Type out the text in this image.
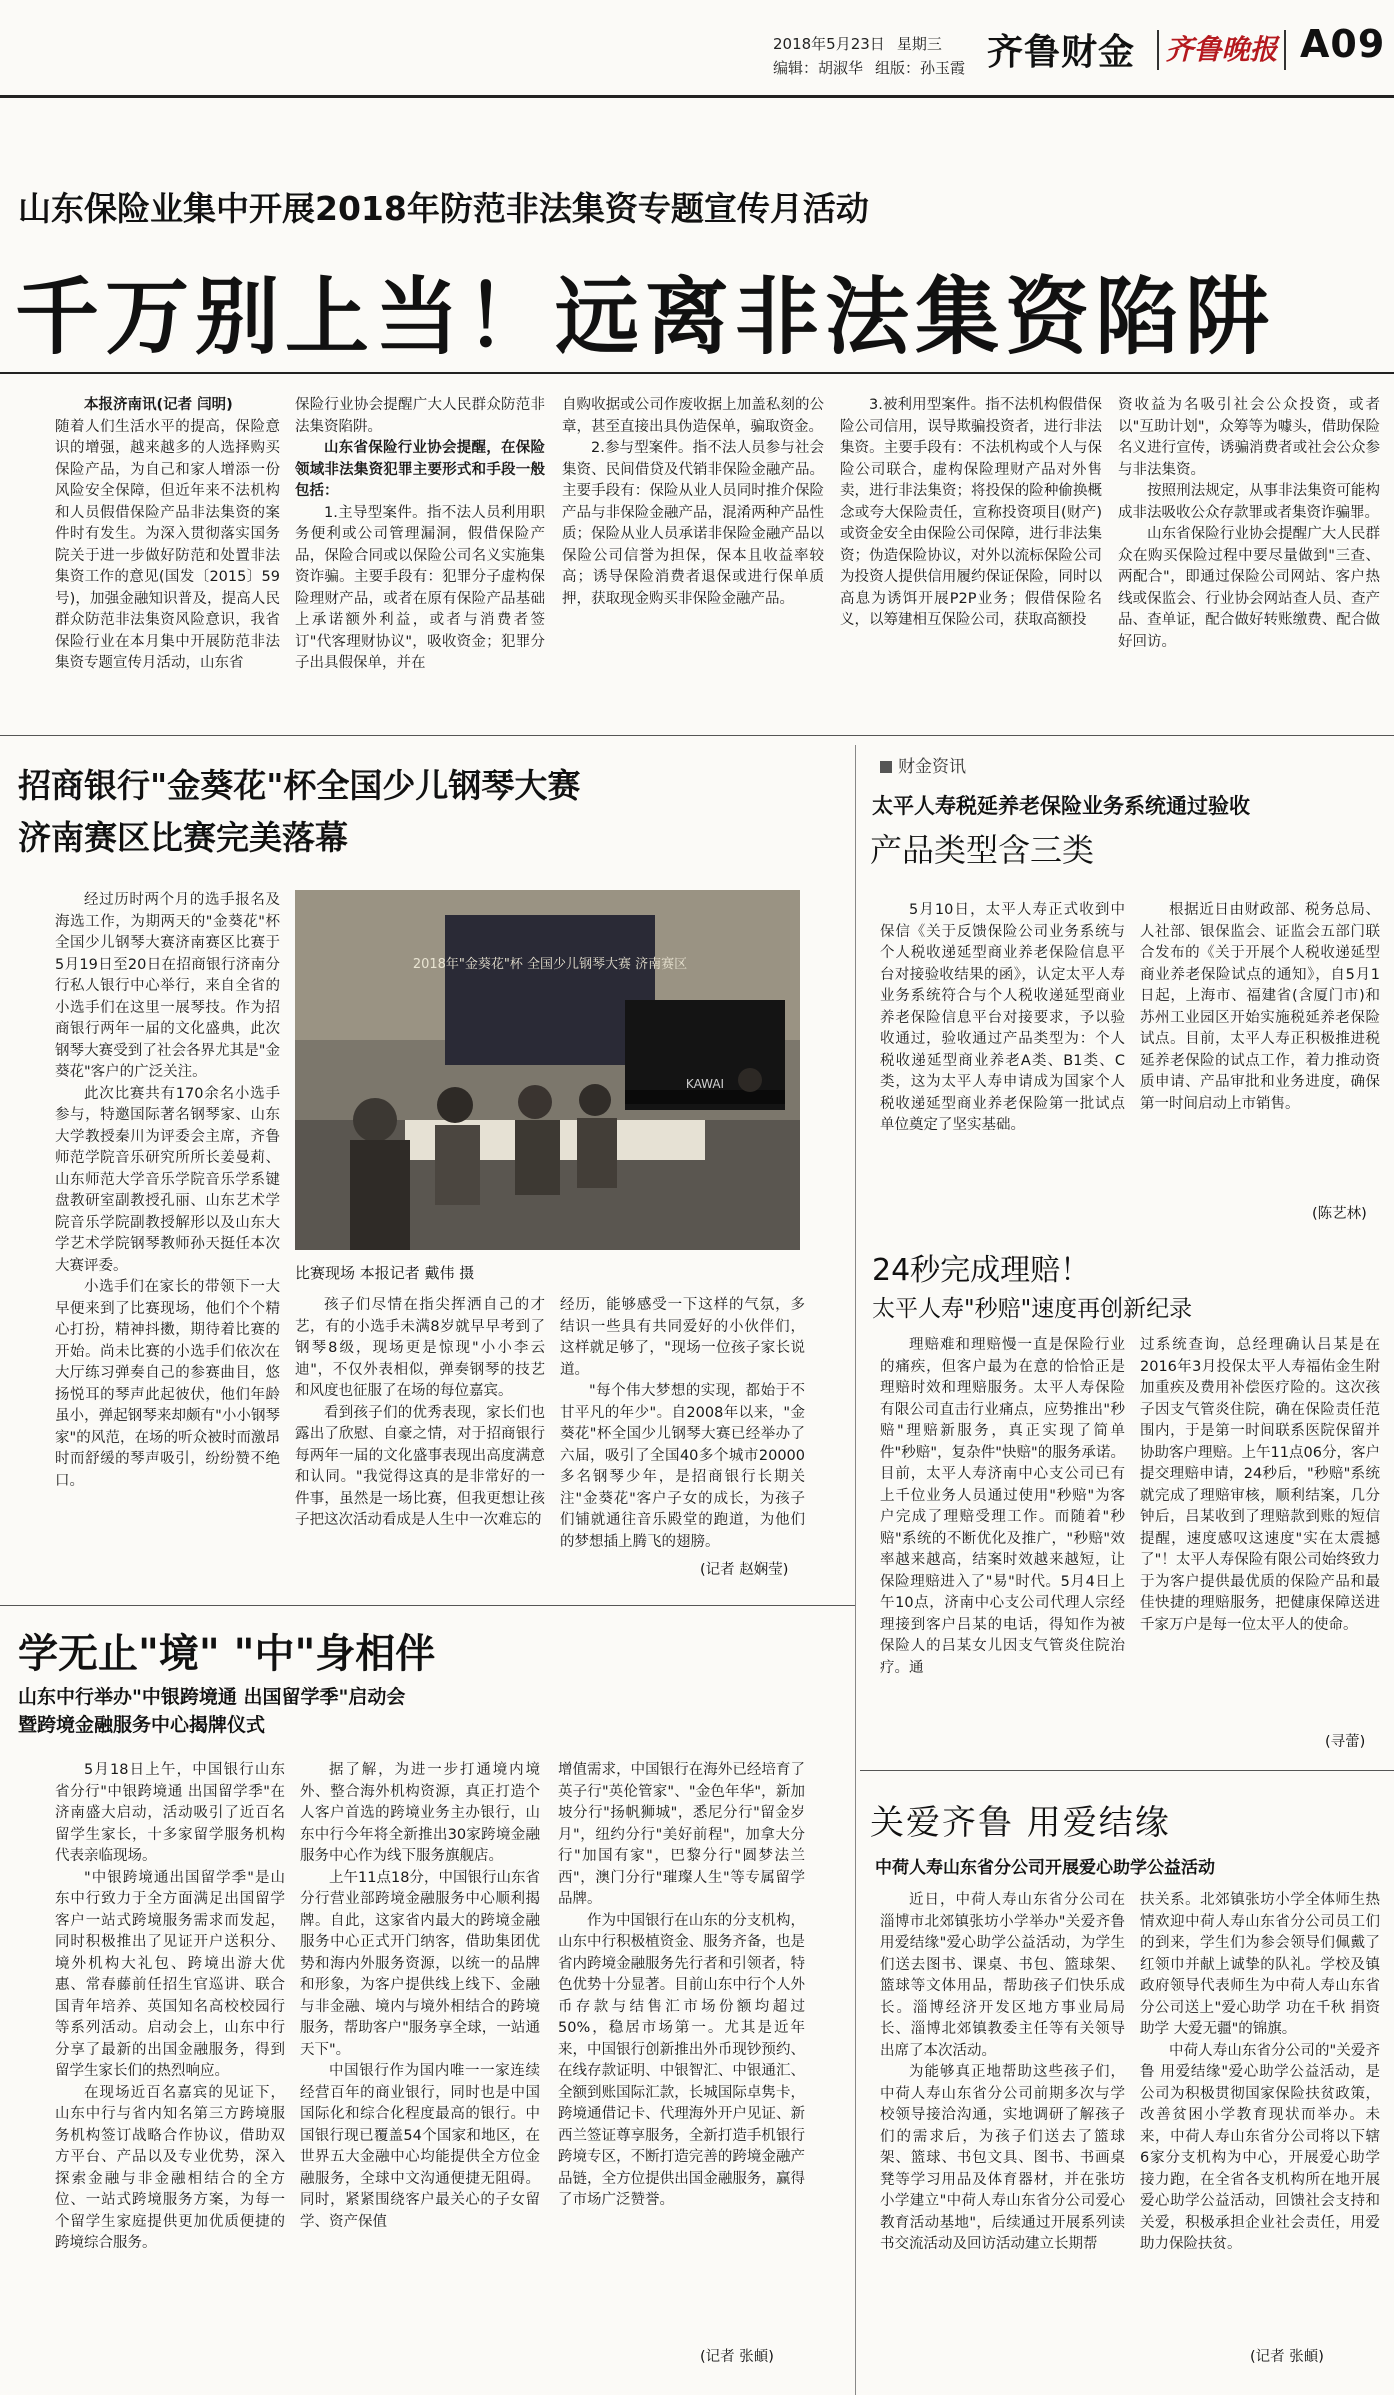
2018年5月23日 星期三
编辑：胡淑华 组版：孙玉霞 齐鲁财金	齐鲁晚报 A09
山东保险业集中开展2018年防范非法集资专题宣传月活动
千万别上当！远离非法集资陷阱

本报济南讯(记者 闫明)

随着人们生活水平的提高，保险意识的增强，越来越多的人选择购买保险产品，为自己和家人增添一份风险安全保障，但近年来不法机构和人员假借保险产品非法集资的案件时有发生。为深入贯彻落实国务院关于进一步做好防范和处置非法集资工作的意见(国发〔2015〕59号)，加强金融知识普及，提高人民群众防范非法集资风险意识，我省保险行业在本月集中开展防范非法集资专题宣传月活动，山东省

保险行业协会提醒广大人民群众防范非法集资陷阱。

山东省保险行业协会提醒，在保险领域非法集资犯罪主要形式和手段一般包括：

1.主导型案件。指不法人员利用职务便利或公司管理漏洞，假借保险产品，保险合同或以保险公司名义实施集资诈骗。主要手段有：犯罪分子虚构保险理财产品，或者在原有保险产品基础上承诺额外利益，或者与消费者签订"代客理财协议"，吸收资金；犯罪分子出具假保单，并在

自购收据或公司作废收据上加盖私刻的公章，甚至直接出具伪造保单，骗取资金。

2.参与型案件。指不法人员参与社会集资、民间借贷及代销非保险金融产品。主要手段有：保险从业人员同时推介保险产品与非保险金融产品，混淆两种产品性质；保险从业人员承诺非保险金融产品以保险公司信誉为担保，保本且收益率较高；诱导保险消费者退保或进行保单质押，获取现金购买非保险金融产品。

3.被利用型案件。指不法机构假借保险公司信用，误导欺骗投资者，进行非法集资。主要手段有：不法机构或个人与保险公司联合，虚构保险理财产品对外售卖，进行非法集资；将投保的险种偷换概念或夸大保险责任，宣称投资项目(财产)或资金安全由保险公司保障，进行非法集资；伪造保险协议，对外以流标保险公司为投资人提供信用履约保证保险，同时以高息为诱饵开展P2P业务；假借保险名义，以筹建相互保险公司，获取高额投

资收益为名吸引社会公众投资，或者以"互助计划"，众筹等为噱头，借助保险名义进行宣传，诱骗消费者或社会公众参与非法集资。

按照刑法规定，从事非法集资可能构成非法吸收公众存款罪或者集资诈骗罪。

山东省保险行业协会提醒广大人民群众在购买保险过程中要尽量做到"三查、两配合"，即通过保险公司网站、客户热线或保监会、行业协会网站查人员、查产品、查单证，配合做好转账缴费、配合做好回访。

招商银行"金葵花"杯全国少儿钢琴大赛
济南赛区比赛完美落幕

经过历时两个月的选手报名及海选工作，为期两天的"金葵花"杯全国少儿钢琴大赛济南赛区比赛于5月19日至20日在招商银行济南分行私人银行中心举行，来自全省的小选手们在这里一展琴技。作为招商银行两年一届的文化盛典，此次钢琴大赛受到了社会各界尤其是"金葵花"客户的广泛关注。

此次比赛共有170余名小选手参与，特邀国际著名钢琴家、山东大学教授秦川为评委会主席，齐鲁师范学院音乐研究所所长姜曼莉、山东师范大学音乐学院音乐学系键盘教研室副教授孔丽、山东艺术学院音乐学院副教授解形以及山东大学艺术学院钢琴教师孙天挺任本次大赛评委。

小选手们在家长的带领下一大早便来到了比赛现场，他们个个精心打扮，精神抖擞，期待着比赛的开始。尚未比赛的小选手们依次在大厅练习弹奏自己的参赛曲目，悠扬悦耳的琴声此起彼伏，他们年龄虽小，弹起钢琴来却颇有"小小钢琴家"的风范，在场的听众被时而激昂时而舒缓的琴声吸引，纷纷赞不绝口。

2018年"金葵花"杯 全国少儿钢琴大赛 济南赛区
KAWAI
比赛现场 本报记者 戴伟 摄

孩子们尽情在指尖挥洒自己的才艺，有的小选手未满8岁就早早考到了钢琴8级，现场更是惊现"小小李云迪"，不仅外表相似，弹奏钢琴的技艺和风度也征服了在场的每位嘉宾。

看到孩子们的优秀表现，家长们也露出了欣慰、自豪之情，对于招商银行每两年一届的文化盛事表现出高度满意和认同。"我觉得这真的是非常好的一件事，虽然是一场比赛，但我更想让孩子把这次活动看成是人生中一次难忘的

经历，能够感受一下这样的气氛，多结识一些具有共同爱好的小伙伴们，这样就足够了，"现场一位孩子家长说道。

"每个伟大梦想的实现，都始于不甘平凡的年少"。自2008年以来，"金葵花"杯全国少儿钢琴大赛已经举办了六届，吸引了全国40多个城市20000多名钢琴少年，是招商银行长期关注"金葵花"客户子女的成长，为孩子们铺就通往音乐殿堂的跑道，为他们的梦想插上腾飞的翅膀。

(记者 赵娴莹)
财金资讯
太平人寿税延养老保险业务系统通过验收
产品类型含三类

5月10日，太平人寿正式收到中保信《关于反馈保险公司业务系统与个人税收递延型商业养老保险信息平台对接验收结果的函》，认定太平人寿业务系统符合与个人税收递延型商业养老保险信息平台对接要求，予以验收通过，验收通过产品类型为：个人税收递延型商业养老A类、B1类、C类，这为太平人寿申请成为国家个人税收递延型商业养老保险第一批试点单位奠定了坚实基础。

根据近日由财政部、税务总局、人社部、银保监会、证监会五部门联合发布的《关于开展个人税收递延型商业养老保险试点的通知》，自5月1日起，上海市、福建省(含厦门市)和苏州工业园区开始实施税延养老保险试点。目前，太平人寿正积极推进税延养老保险的试点工作，着力推动资质申请、产品审批和业务进度，确保第一时间启动上市销售。

(陈艺林)
24秒完成理赔！
太平人寿"秒赔"速度再创新纪录

理赔难和理赔慢一直是保险行业的痛疾，但客户最为在意的恰恰正是理赔时效和理赔服务。太平人寿保险有限公司直击行业痛点，应势推出"秒赔"理赔新服务，真正实现了简单件"秒赔"，复杂件"快赔"的服务承诺。目前，太平人寿济南中心支公司已有上千位业务人员通过使用"秒赔"为客户完成了理赔受理工作。而随着"秒赔"系统的不断优化及推广，"秒赔"效率越来越高，结案时效越来越短，让保险理赔进入了"易"时代。5月4日上午10点，济南中心支公司代理人宗经理接到客户吕某的电话，得知作为被保险人的吕某女儿因支气管炎住院治疗。通

过系统查询，总经理确认吕某是在2016年3月投保太平人寿福佑金生附加重疾及费用补偿医疗险的。这次孩子因支气管炎住院，确在保险责任范围内，于是第一时间联系医院保留并协助客户理赔。上午11点06分，客户提交理赔申请，24秒后，"秒赔"系统就完成了理赔审核，顺利结案，几分钟后，吕某收到了理赔款到账的短信提醒，速度感叹这速度"实在太震撼了"！太平人寿保险有限公司始终致力于为客户提供最优质的保险产品和最佳快捷的理赔服务，把健康保障送进千家万户是每一位太平人的使命。

(寻蕾)
学无止"境" "中"身相伴
山东中行举办"中银跨境通 出国留学季"启动会
暨跨境金融服务中心揭牌仪式

5月18日上午，中国银行山东省分行"中银跨境通 出国留学季"在济南盛大启动，活动吸引了近百名留学生家长，十多家留学服务机构代表亲临现场。

"中银跨境通出国留学季"是山东中行致力于全方面满足出国留学客户一站式跨境服务需求而发起，同时积极推出了见证开户送积分、境外机构大礼包、跨境出游大优惠、常春藤前任招生官巡讲、联合国青年培养、英国知名高校校园行等系列活动。启动会上，山东中行分享了最新的出国金融服务，得到留学生家长们的热烈响应。

在现场近百名嘉宾的见证下，山东中行与省内知名第三方跨境服务机构签订战略合作协议，借助双方平台、产品以及专业优势，深入探索金融与非金融相结合的全方位、一站式跨境服务方案，为每一个留学生家庭提供更加优质便捷的跨境综合服务。

据了解，为进一步打通境内境外、整合海外机构资源，真正打造个人客户首选的跨境业务主办银行，山东中行今年将全新推出30家跨境金融服务中心作为线下服务旗舰店。

上午11点18分，中国银行山东省分行营业部跨境金融服务中心顺利揭牌。自此，这家省内最大的跨境金融服务中心正式开门纳客，借助集团优势和海内外服务资源，以统一的品牌和形象，为客户提供线上线下、金融与非金融、境内与境外相结合的跨境服务，帮助客户"服务享全球，一站通天下"。

中国银行作为国内唯一一家连续经营百年的商业银行，同时也是中国国际化和综合化程度最高的银行。中国银行现已覆盖54个国家和地区，在世界五大金融中心均能提供全方位金融服务，全球中文沟通便捷无阻碍。同时，紧紧围绕客户最关心的子女留学、资产保值

增值需求，中国银行在海外已经培育了英子行"英伦管家"、"金色年华"，新加坡分行"扬帆狮城"，悉尼分行"留金岁月"，纽约分行"美好前程"，加拿大分行"加国有家"，巴黎分行"圆梦法兰西"，澳门分行"璀璨人生"等专属留学品牌。

作为中国银行在山东的分支机构，山东中行积极植资金、服务齐备，也是省内跨境金融服务先行者和引领者，特色优势十分显著。目前山东中行个人外币存款与结售汇市场份额均超过50%，稳居市场第一。尤其是近年来，中国银行创新推出外币现钞预约、在线存款证明、中银智汇、中银通汇、全额到账国际汇款，长城国际卓隽卡，跨境通借记卡、代理海外开户见证、新西兰签证尊享服务，全新打造手机银行跨境专区，不断打造完善的跨境金融产品链，全方位提供出国金融服务，赢得了市场广泛赞誉。

(记者 张頔)
关爱齐鲁 用爱结缘
中荷人寿山东省分公司开展爱心助学公益活动

近日，中荷人寿山东省分公司在淄博市北郊镇张坊小学举办"关爱齐鲁 用爱结缘"爱心助学公益活动，为学生们送去图书、课桌、书包、篮球架、篮球等文体用品，帮助孩子们快乐成长。淄博经济开发区地方事业局局长、淄博北郊镇教委主任等有关领导出席了本次活动。

为能够真正地帮助这些孩子们，中荷人寿山东省分公司前期多次与学校领导接洽沟通，实地调研了解孩子们的需求后，为孩子们送去了篮球架、篮球、书包文具、图书、书画桌凳等学习用品及体育器材，并在张坊小学建立"中荷人寿山东省分公司爱心教育活动基地"，后续通过开展系列读书交流活动及回访活动建立长期帮

扶关系。北郊镇张坊小学全体师生热情欢迎中荷人寿山东省分公司员工们的到来，学生们为参会领导们佩戴了红领巾并献上诚挚的队礼。学校及镇政府领导代表师生为中荷人寿山东省分公司送上"爱心助学 功在千秋 捐资助学 大爱无疆"的锦旗。

中荷人寿山东省分公司的"关爱齐鲁 用爱结缘"爱心助学公益活动，是公司为积极贯彻国家保险扶贫政策，改善贫困小学教育现状而举办。未来，中荷人寿山东省分公司将以下辖6家分支机构为中心，开展爱心助学接力跑，在全省各支机构所在地开展爱心助学公益活动，回馈社会支持和关爱，积极承担企业社会责任，用爱助力保险扶贫。

(记者 张頔)
